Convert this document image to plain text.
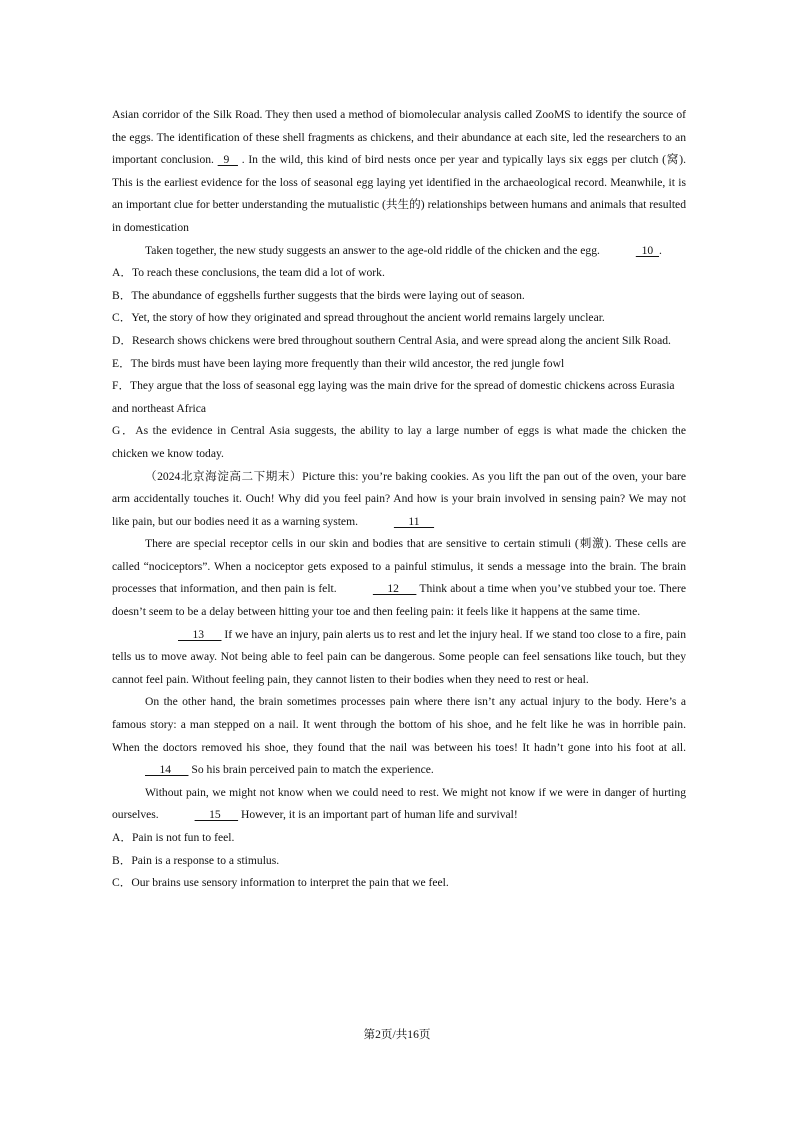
Asian corridor of the Silk Road. They then used a method of biomolecular analysis called ZooMS to identify the source of the eggs. The identification of these shell fragments as chickens, and their abundance at each site, led the researchers to an important conclusion.   9    . In the wild, this kind of bird nests once per year and typically lays six eggs per clutch (窝). This is the earliest evidence for the loss of seasonal egg laying yet identified in the archaeological record. Meanwhile, it is an important clue for better understanding the mutualistic (共生的) relationships between humans and animals that resulted in domestication

Taken together, the new study suggests an answer to the age-old riddle of the chicken and the egg.	10  .

A．To reach these conclusions, the team did a lot of work.

B．The abundance of eggshells further suggests that the birds were laying out of season.

C．Yet, the story of how they originated and spread throughout the ancient world remains largely unclear.

D．Research shows chickens were bred throughout southern Central Asia, and were spread along the ancient Silk Road.

E．The birds must have been laying more frequently than their wild ancestor, the red jungle fowl

F．They argue that the loss of seasonal egg laying was the main drive for the spread of domestic chickens across Eurasia and northeast Africa

G．As the evidence in Central Asia suggests, the ability to lay a large number of eggs is what made the chicken the chicken we know today.

（2024北京海淀高二下期末）Picture this: you’re baking cookies. As you lift the pan out of the oven, your bare arm accidentally touches it. Ouch! Why did you feel pain? And how is your brain involved in sensing pain? We may not like pain, but our bodies need it as a warning system.	11

There are special receptor cells in our skin and bodies that are sensitive to certain stimuli (刺激). These cells are called “nociceptors”. When a nociceptor gets exposed to a painful stimulus, it sends a message into the brain. The brain processes that information, and then pain is felt.	12       Think about a time when you’ve stubbed your toe. There doesn’t seem to be a delay between hitting your toe and then feeling pain: it feels like it happens at the same time.

13       If we have an injury, pain alerts us to rest and let the injury heal. If we stand too close to a fire, pain tells us to move away. Not being able to feel pain can be dangerous. Some people can feel sensations like touch, but they cannot feel pain. Without feeling pain, they cannot listen to their bodies when they need to rest or heal.

On the other hand, the brain sometimes processes pain where there isn’t any actual injury to the body. Here’s a famous story: a man stepped on a nail. It went through the bottom of his shoe, and he felt like he was in horrible pain. When the doctors removed his shoe, they found that the nail was between his toes! It hadn’t gone into his foot at all.      14       So his brain perceived pain to match the experience.

Without pain, we might not know when we could need to rest. We might not know if we were in danger of hurting ourselves.	15       However, it is an important part of human life and survival!

A．Pain is not fun to feel.

B．Pain is a response to a stimulus.

C．Our brains use sensory information to interpret the pain that we feel.

第2页/共16页
